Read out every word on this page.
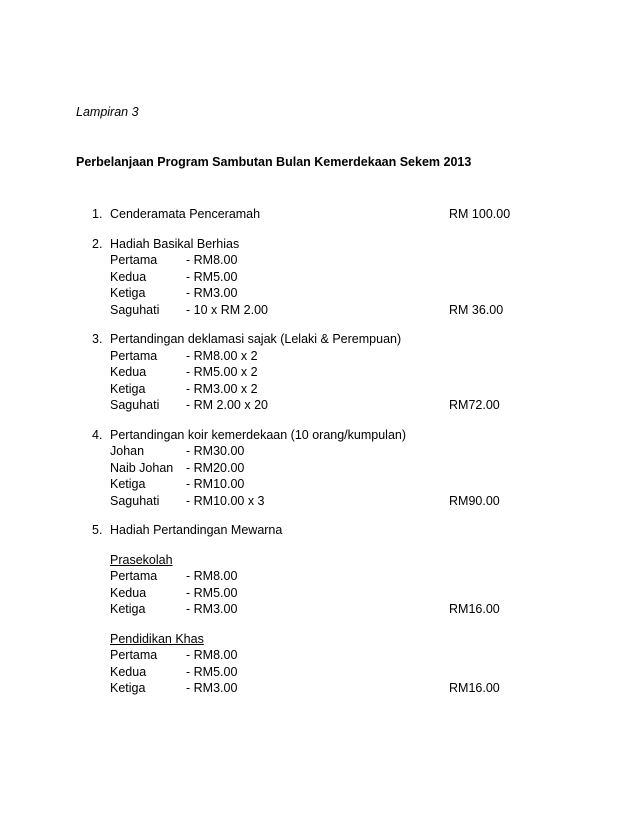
Lampiran 3
Perbelanjaan Program Sambutan Bulan Kemerdekaan Sekem 2013
1. Cenderamata Penceramah	RM 100.00
2. Hadiah Basikal Berhias
Pertama - RM8.00
Kedua	- RM5.00
Ketiga	- RM3.00
Saguhati - 10 x RM 2.00	RM 36.00
3. Pertandingan deklamasi sajak (Lelaki & Perempuan)
Pertama - RM8.00 x 2
Kedua	- RM5.00 x 2
Ketiga	- RM3.00 x 2
Saguhati - RM 2.00 x 20	RM72.00
4. Pertandingan koir kemerdekaan (10 orang/kumpulan)
Johan	- RM30.00
Naib Johan - RM20.00
Ketiga	- RM10.00
Saguhati - RM10.00 x 3	RM90.00
5. Hadiah Pertandingan Mewarna
Prasekolah
Pertama - RM8.00
Kedua	- RM5.00
Ketiga	- RM3.00	RM16.00
Pendidikan Khas
Pertama - RM8.00
Kedua	- RM5.00
Ketiga	- RM3.00	RM16.00
